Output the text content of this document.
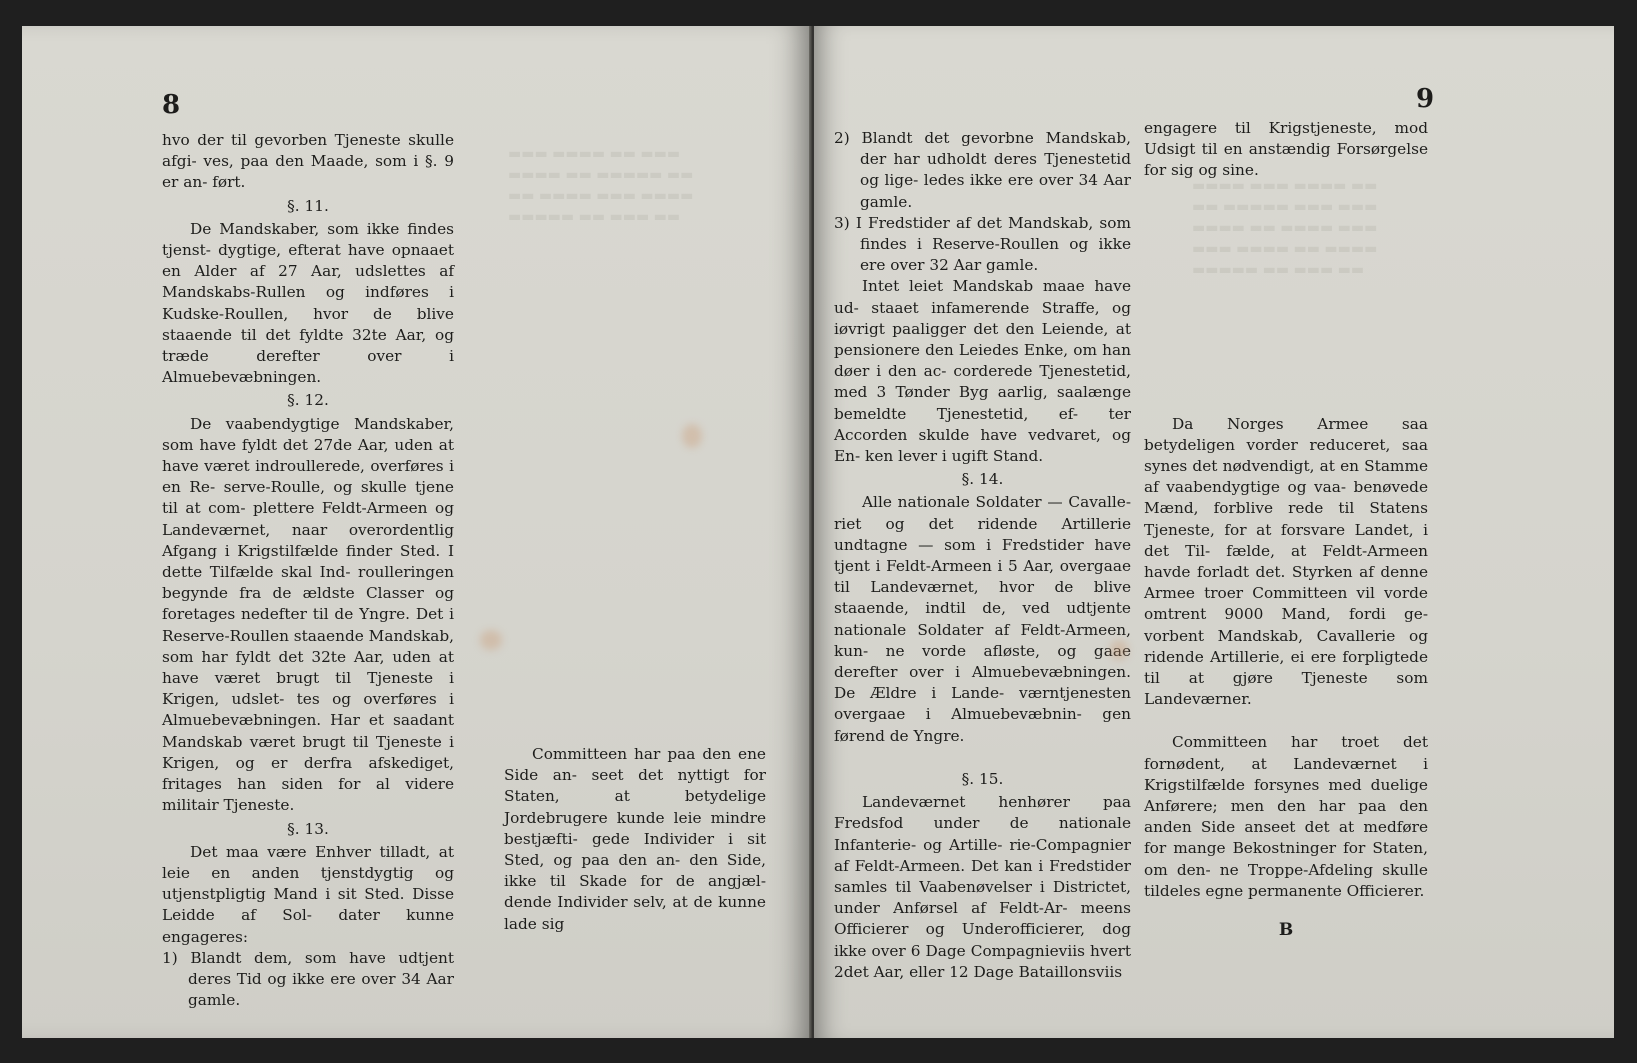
8

hvo der til gevorben Tjeneste skulle afgi- ves, paa den Maade, som i §. 9 er an- ført.

§. 11.

De Mandskaber, som ikke findes tjenst- dygtige, efterat have opnaaet en Alder af 27 Aar, udslettes af Mandskabs-Rullen og indføres i Kudske-Roullen, hvor de blive staaende til det fyldte 32te Aar, og træde derefter over i Almuebevæbningen.

§. 12.

De vaabendygtige Mandskaber, som have fyldt det 27de Aar, uden at have været indroullerede, overføres i en Re- serve-Roulle, og skulle tjene til at com- plettere Feldt-Armeen og Landeværnet, naar overordentlig Afgang i Krigstilfælde finder Sted. I dette Tilfælde skal Ind- roulleringen begynde fra de ældste Classer og foretages nedefter til de Yngre. Det i Reserve-Roullen staaende Mandskab, som har fyldt det 32te Aar, uden at have været brugt til Tjeneste i Krigen, udslet- tes og overføres i Almuebevæbningen. Har et saadant Mandskab været brugt til Tjeneste i Krigen, og er derfra afskediget, fritages han siden for al videre militair Tjeneste.

§. 13.

Det maa være Enhver tilladt, at leie en anden tjenstdygtig og utjenstpligtig Mand i sit Sted. Disse Leidde af Sol- dater kunne engageres:

1) Blandt dem, som have udtjent deres Tid og ikke ere over 34 Aar gamle.

Committeen har paa den ene Side an- seet det nyttigt for Staten, at betydelige Jordebrugere kunde leie mindre bestjæfti- gede Individer i sit Sted, og paa den an- den Side, ikke til Skade for de angjæl- dende Individer selv, at de kunne lade sig

▬▬▬ ▬▬▬▬ ▬▬ ▬▬▬
▬▬▬▬ ▬▬ ▬▬▬▬▬ ▬▬
▬▬ ▬▬▬▬ ▬▬▬ ▬▬▬▬
▬▬▬▬▬ ▬▬ ▬▬▬ ▬▬
9

2) Blandt det gevorbne Mandskab, der har udholdt deres Tjenestetid og lige- ledes ikke ere over 34 Aar gamle.

3) I Fredstider af det Mandskab, som findes i Reserve-Roullen og ikke ere over 32 Aar gamle.

Intet leiet Mandskab maae have ud- staaet infamerende Straffe, og iøvrigt paaligger det den Leiende, at pensionere den Leiedes Enke, om han døer i den ac- corderede Tjenestetid, med 3 Tønder Byg aarlig, saalænge bemeldte Tjenestetid, ef- ter Accorden skulde have vedvaret, og En- ken lever i ugift Stand.

§. 14.

Alle nationale Soldater — Cavalle- riet og det ridende Artillerie undtagne — som i Fredstider have tjent i Feldt-Armeen i 5 Aar, overgaae til Landeværnet, hvor de blive staaende, indtil de, ved udtjente nationale Soldater af Feldt-Armeen, kun- ne vorde afløste, og gaae derefter over i Almuebevæbningen. De Ældre i Lande- værntjenesten overgaae i Almuebevæbnin- gen førend de Yngre.

§. 15.

Landeværnet henhører paa Fredsfod under de nationale Infanterie- og Artille- rie-Compagnier af Feldt-Armeen. Det kan i Fredstider samles til Vaabenøvelser i Districtet, under Anførsel af Feldt-Ar- meens Officierer og Underofficierer, dog ikke over 6 Dage Compagnieviis hvert 2det Aar, eller 12 Dage Bataillonsviis

engagere til Krigstjeneste, mod Udsigt til en anstændig Forsørgelse for sig og sine.

Da Norges Armee saa betydeligen vorder reduceret, saa synes det nødvendigt, at en Stamme af vaabendygtige og vaa- benøvede Mænd, forblive rede til Statens Tjeneste, for at forsvare Landet, i det Til- fælde, at Feldt-Armeen havde forladt det. Styrken af denne Armee troer Committeen vil vorde omtrent 9000 Mand, fordi ge- vorbent Mandskab, Cavallerie og ridende Artillerie, ei ere forpligtede til at gjøre Tjeneste som Landeværner.

Committeen har troet det fornødent, at Landeværnet i Krigstilfælde forsynes med duelige Anførere; men den har paa den anden Side anseet det at medføre for mange Bekostninger for Staten, om den- ne Troppe-Afdeling skulle tildeles egne permanente Officierer.

B

▬▬▬▬ ▬▬▬ ▬▬▬▬ ▬▬
▬▬ ▬▬▬▬▬ ▬▬▬ ▬▬▬
▬▬▬▬ ▬▬ ▬▬▬▬ ▬▬▬
▬▬▬ ▬▬▬▬ ▬▬ ▬▬▬▬
▬▬▬▬▬ ▬▬ ▬▬▬ ▬▬
